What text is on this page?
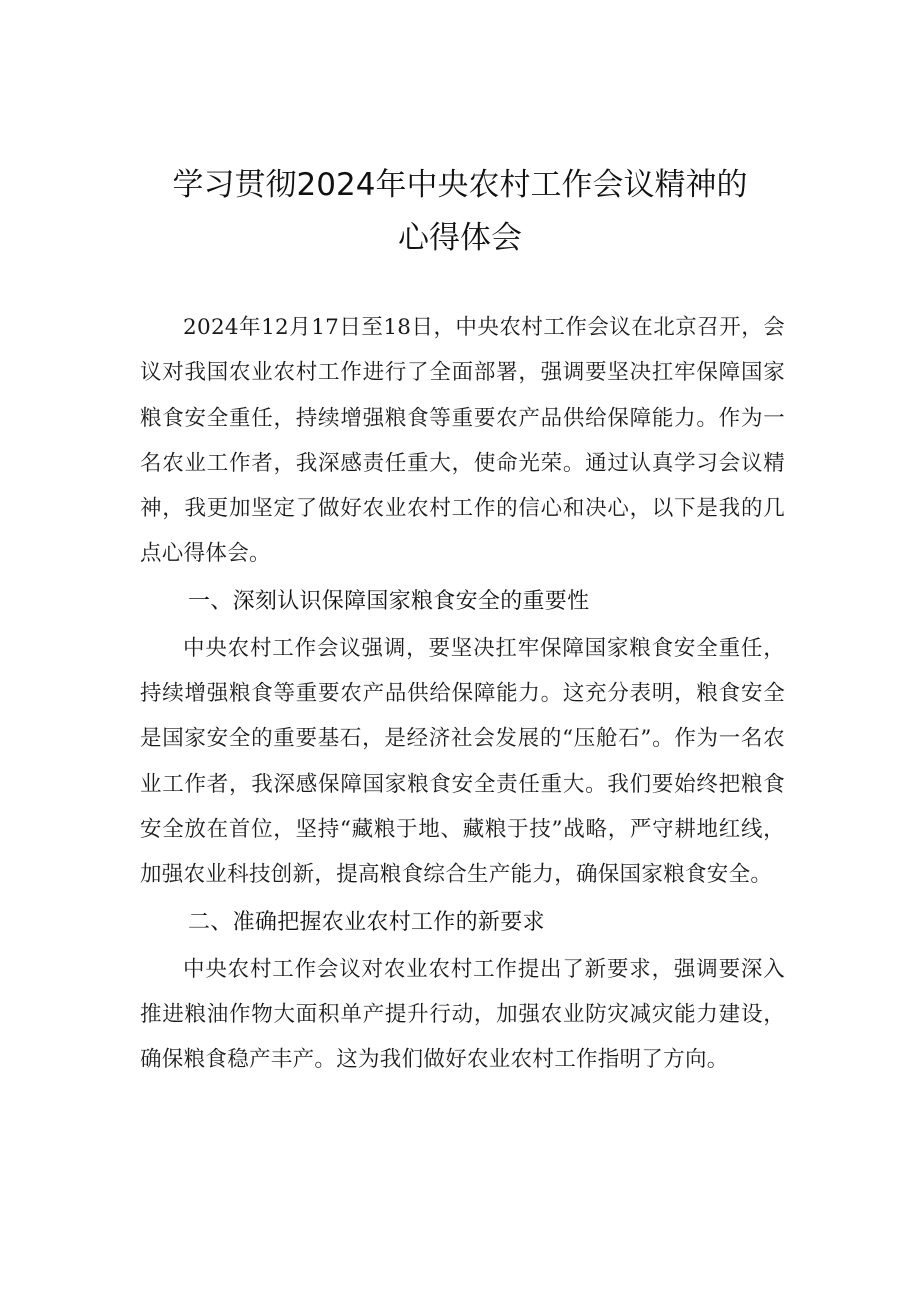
学习贯彻2024年中央农村工作会议精神的
心得体会

2024年12月17日至18日，中央农村工作会议在北京召开，会议对我国农业农村工作进行了全面部署，强调要坚决扛牢保障国家粮食安全重任，持续增强粮食等重要农产品供给保障能力。作为一名农业工作者，我深感责任重大，使命光荣。通过认真学习会议精神，我更加坚定了做好农业农村工作的信心和决心，以下是我的几点心得体会。

一、深刻认识保障国家粮食安全的重要性

中央农村工作会议强调，要坚决扛牢保障国家粮食安全重任，持续增强粮食等重要农产品供给保障能力。这充分表明，粮食安全是国家安全的重要基石，是经济社会发展的“压舱石”。作为一名农业工作者，我深感保障国家粮食安全责任重大。我们要始终把粮食安全放在首位，坚持“藏粮于地、藏粮于技”战略，严守耕地红线，加强农业科技创新，提高粮食综合生产能力，确保国家粮食安全。

二、准确把握农业农村工作的新要求

中央农村工作会议对农业农村工作提出了新要求，强调要深入推进粮油作物大面积单产提升行动，加强农业防灾减灾能力建设，确保粮食稳产丰产。这为我们做好农业农村工作指明了方向。
